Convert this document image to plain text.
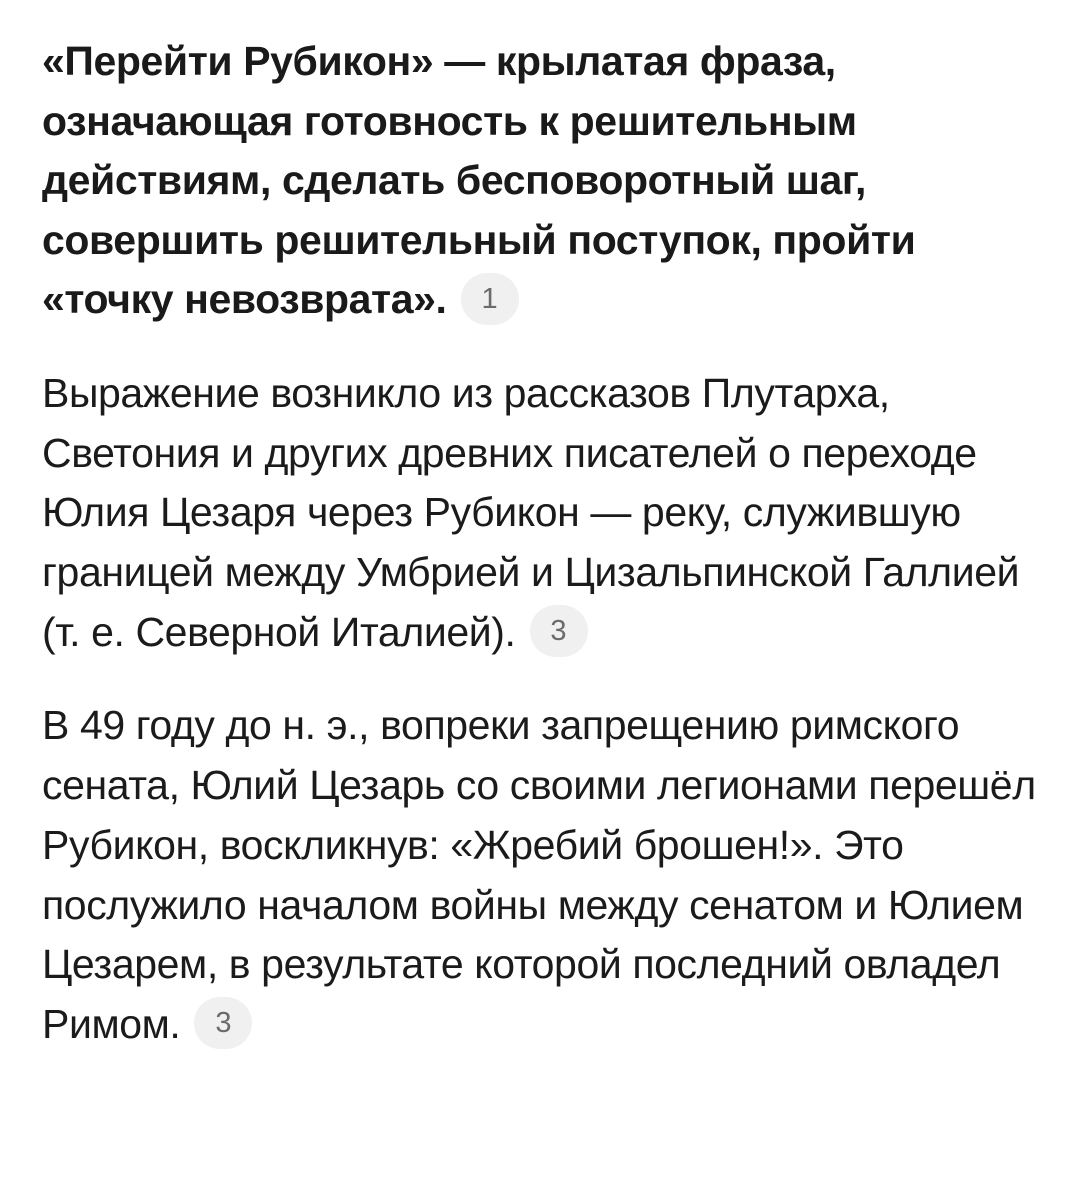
«Перейти Рубикон» — крылатая фраза, означающая готовность к решительным действиям, сделать бесповоротный шаг, совершить решительный поступок, пройти «точку невозврата». 1

Выражение возникло из рассказов Плутарха, Светония и других древних писателей о переходе Юлия Цезаря через Рубикон — реку, служившую границей между Умбрией и Цизальпинской Галлией (т. е. Северной Италией). 3

В 49 году до н. э., вопреки запрещению римского сената, Юлий Цезарь со своими легионами перешёл Рубикон, воскликнув: «Жребий брошен!». Это послужило началом войны между сенатом и Юлием Цезарем, в результате которой последний овладел Римом. 3
